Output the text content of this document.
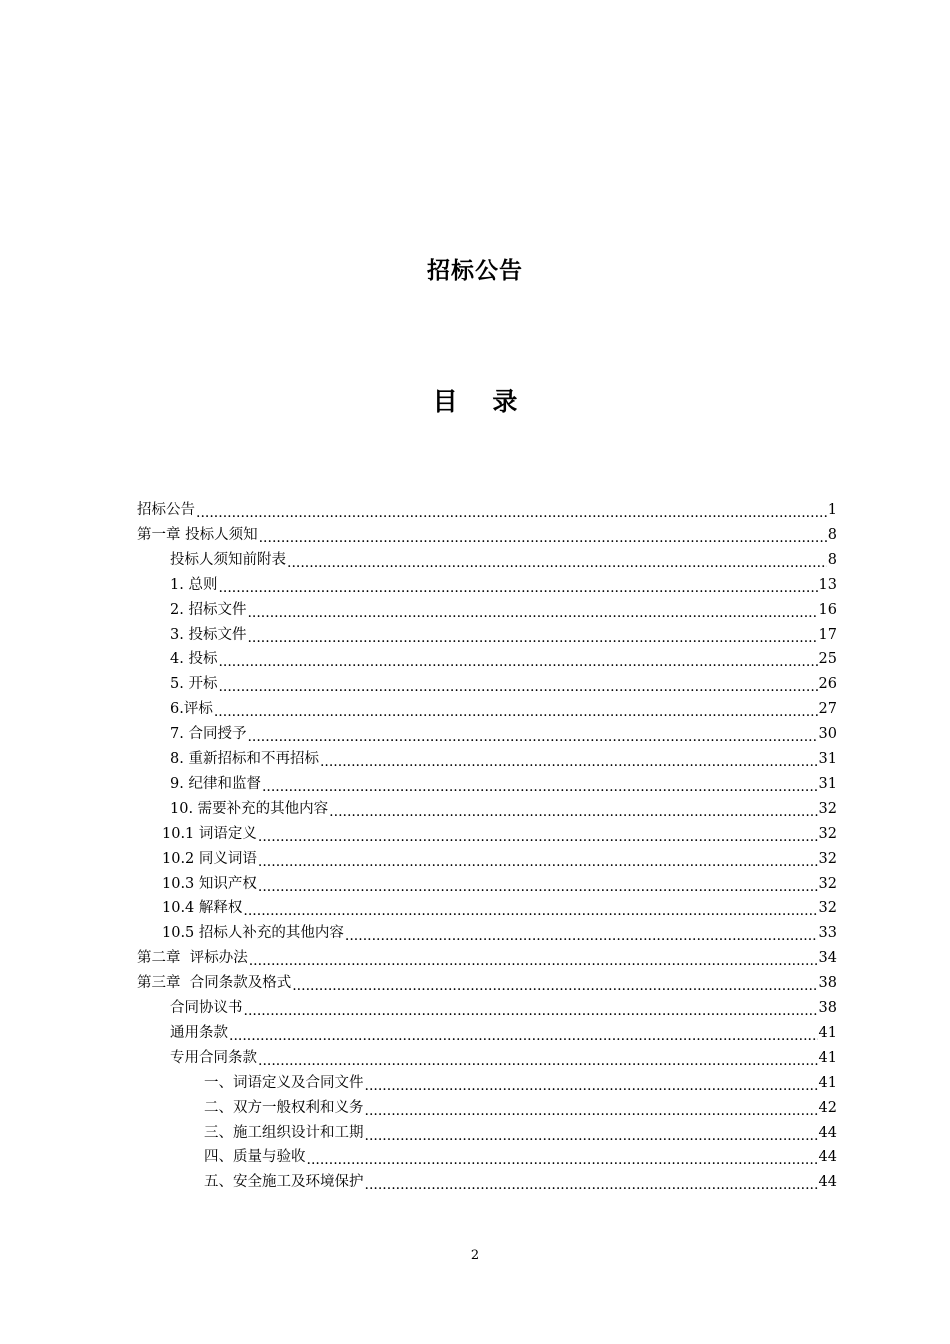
招标公告
目    录
招标公告 .....	1
第一章 投标人须知 .....	8
投标人须知前附表 .....	8
1. 总则 .....	13
2. 招标文件 .....	16
3. 投标文件 .....	17
4. 投标 .....	25
5. 开标 .....	26
6.评标 .....	27
7. 合同授予 .....	30
8. 重新招标和不再招标 .....	31
9. 纪律和监督 .....	31
10. 需要补充的其他内容 .....	32
10.1 词语定义 .....	32
10.2 同义词语 .....	32
10.3 知识产权 .....	32
10.4 解释权 .....	32
10.5 招标人补充的其他内容 .....	33
第二章  评标办法 .....	34
第三章  合同条款及格式 .....	38
合同协议书 .....	38
通用条款 .....	41
专用合同条款 .....	41
一、词语定义及合同文件 .....	41
二、双方一般权利和义务 .....	42
三、施工组织设计和工期 .....	44
四、质量与验收 .....	44
五、安全施工及环境保护 .....	44
2
